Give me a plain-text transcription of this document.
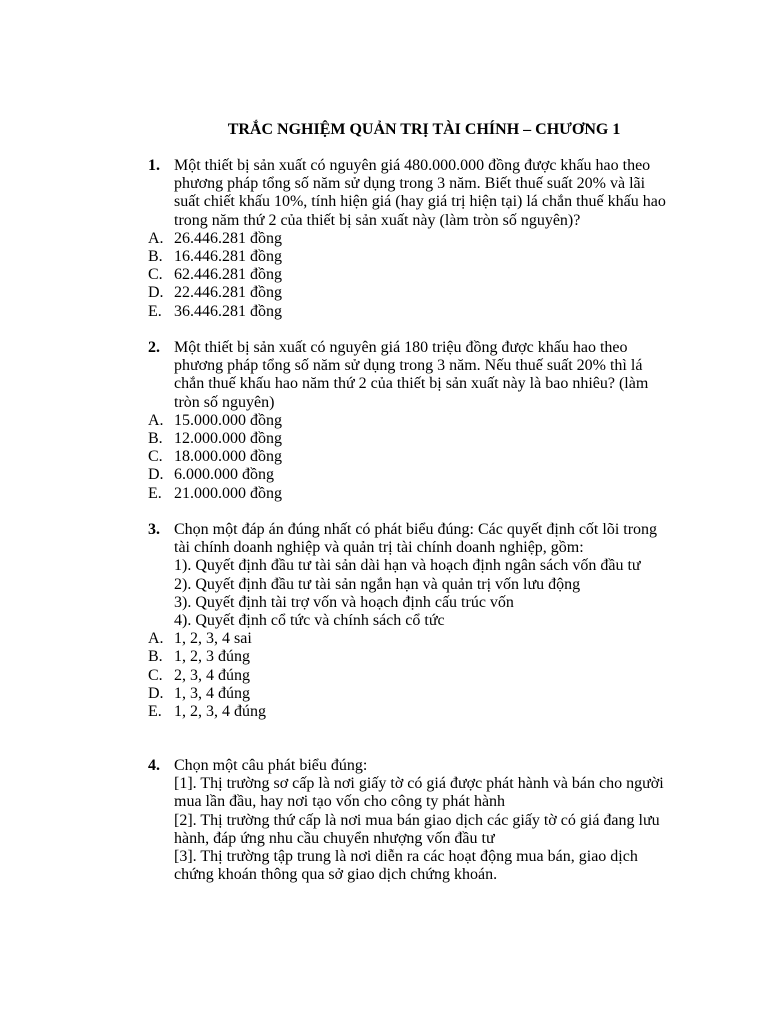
TRẮC NGHIỆM QUẢN TRỊ TÀI CHÍNH – CHƯƠNG 1
1. Một thiết bị sản xuất có nguyên giá 480.000.000 đồng được khấu hao theo
phương pháp tổng số năm sử dụng trong 3 năm. Biết thuế suất 20% và lãi
suất chiết khấu 10%, tính hiện giá (hay giá trị hiện tại) lá chắn thuế khấu hao
trong năm thứ 2 của thiết bị sản xuất này (làm tròn số nguyên)?
A. 26.446.281 đồng
B. 16.446.281 đồng
C. 62.446.281 đồng
D. 22.446.281 đồng
E. 36.446.281 đồng
2. Một thiết bị sản xuất có nguyên giá 180 triệu đồng được khấu hao theo
phương pháp tổng số năm sử dụng trong 3 năm. Nếu thuế suất 20% thì lá
chắn thuế khấu hao năm thứ 2 của thiết bị sản xuất này là bao nhiêu? (làm
tròn số nguyên)
A. 15.000.000 đồng
B. 12.000.000 đồng
C. 18.000.000 đồng
D. 6.000.000 đồng
E. 21.000.000 đồng
3. Chọn một đáp án đúng nhất có phát biểu đúng: Các quyết định cốt lõi trong
tài chính doanh nghiệp và quản trị tài chính doanh nghiệp, gồm:
1). Quyết định đầu tư tài sản dài hạn và hoạch định ngân sách vốn đầu tư
2). Quyết định đầu tư tài sản ngắn hạn và quản trị vốn lưu động
3). Quyết định tài trợ vốn và hoạch định cấu trúc vốn
4). Quyết định cổ tức và chính sách cổ tức
A. 1, 2, 3, 4 sai
B. 1, 2, 3 đúng
C. 2, 3, 4 đúng
D. 1, 3, 4 đúng
E. 1, 2, 3, 4 đúng
4. Chọn một câu phát biểu đúng:
[1]. Thị trường sơ cấp là nơi giấy tờ có giá được phát hành và bán cho người
mua lần đầu, hay nơi tạo vốn cho công ty phát hành
[2]. Thị trường thứ cấp là nơi mua bán giao dịch các giấy tờ có giá đang lưu
hành, đáp ứng nhu cầu chuyển nhượng vốn đầu tư
[3]. Thị trường tập trung là nơi diễn ra các hoạt động mua bán, giao dịch
chứng khoán thông qua sở giao dịch chứng khoán.
